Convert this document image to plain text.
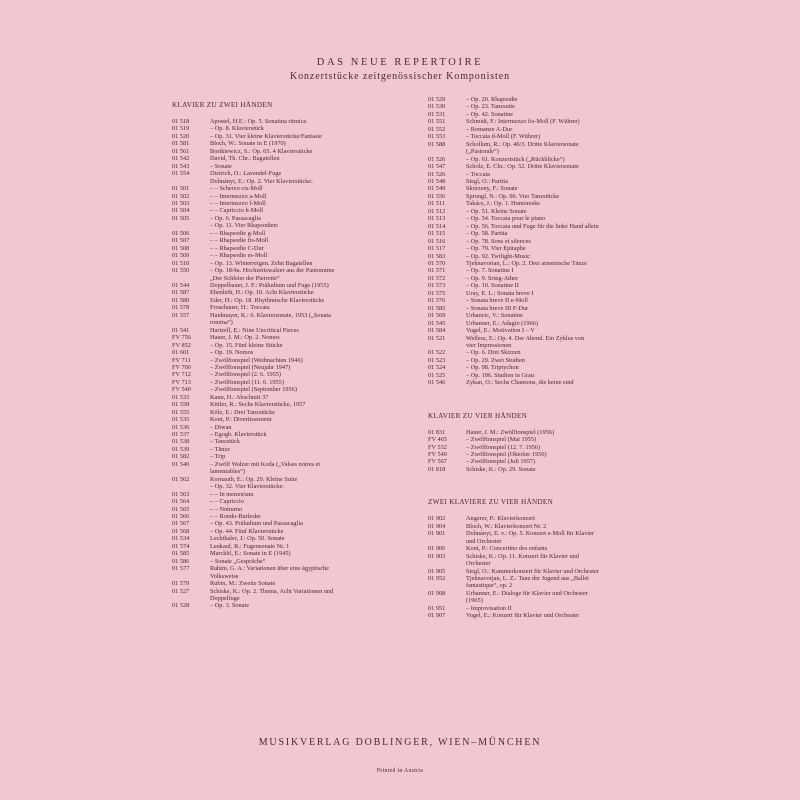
DAS NEUE REPERTOIRE
Konzertstücke zeitgenössischer Komponisten
KLAVIER ZU ZWEI HÄNDEN
01 518	Apostel, H.E.: Op. 5. Sonatina ritmica
01 519	– Op. 8. Klavierstück
01 520	– Op. 31. Vier kleine Klavierstücke/Fantasie
01 581	Bloch, W.: Sonate in E (1970)
01 561	Bortkiewicz, S.: Op. 65. 4 Klavierstücke
01 542	David, Th. Chr.: Bagatellen
01 543	– Sonate
01 554	Dietrich, O.: Lavendel-Fuge
Dohnányi, E.: Op. 2. Vier Klavierstücke:
01 501	– – Scherzo cis-Moll
01 502	– – Intermezzo a-Moll
01 503	– – Intermezzo f-Moll
01 504	– – Capriccio h-Moll
01 505	– Op. 6. Passacaglia
– Op. 11. Vier Rhapsodien:
01 506	– – Rhapsodie g-Moll
01 507	– – Rhapsodie fis-Moll
01 508	– – Rhapsodie C-Dur
01 509	– – Rhapsodie es-Moll
01 510	– Op. 13. Winterreigen. Zehn Bagatellen
01 550	– Op. 18/4a. Hochzeitswalzer aus der Pantomime
„Der Schleier der Pierrette“
01 544	Doppelbauer, J. F.: Präludium und Fuge (1955)
01 587	Ebenhöh, H.: Op. 10. Acht Klavierstücke
01 580	Eder, H.: Op. 18. Rhythmische Klavierstücke
01 578	Froschauer, H.: Toccata
01 557	Haidmayer, K.: 6. Klaviersonate, 1953 („Sonata
romina“)
01 541	Hartzell, E.: Nine Uncritical Pieces
FV 756	Hauer, J. M.: Op. 2. Nomos
FV 852	– Op. 15. Fünf kleine Stücke
01 601	– Op. 19. Nomos
FV 711	– Zwölftonspiel (Weihnachten 1946)
FV 700	– Zwölftonspiel (Neujahr 1947)
FV 712	– Zwölftonspiel (2. 6. 1955)
FV 713	– Zwölftonspiel (11. 6. 1955)
FV 540	– Zwölftonspiel (September 1956)
01 533	Kann, H.: Abschnitt 37
01 558	Kittler, R.: Sechs Klavierstücke, 1957
01 555	Kölz, E.: Drei Tanzstücke
01 535	Kont, P.: Divertissement
01 536	– Diwan
01 537	– Egogh. Klavierstück
01 538	– Tanzstück
01 539	– Tänze
01 582	– Trip
01 540	– Zwölf Walzer mit Koda („Valses noires et
lamentables“)
01 562	Kornauth, E.: Op. 29. Kleine Suite
– Op. 32. Vier Klavierstücke:
01 563	– – In memoriam
01 564	– – Capriccio
01 565	– – Notturno
01 566	– – Rondo-Burleske
01 567	– Op. 43. Präludium und Passacaglia
01 568	– Op. 44. Fünf Klavierstücke
01 534	Lechthaler, J.: Op. 50. Sonate
01 574	Leukauf, R.: Fugensonate Nr. 1
01 585	Marckhl, E.: Sonate in E (1945)
01 586	– Sonate „Gespräche“
01 577	Rahim, G. A.: Variationen über eine ägyptische
Volksweise
01 579	Rubin, M.: Zweite Sonate
01 527	Schiske, K.: Op. 2. Thema, Acht Variationen und
Doppelfuge
01 528	– Op. 3. Sonate
01 529	– Op. 20. Rhapsodie
01 530	– Op. 23. Tanzsuite
01 531	– Op. 42. Sonatine
01 551	Schmidt, F.: Intermezzo fis-Moll (F. Wührer)
01 552	– Romanze A-Dur
01 553	– Toccata d-Moll (F. Wührer)
01 588	Schollum, R.: Op. 46/3. Dritte Klaviersonate
(„Pastorale“)
01 526	– Op. 61. Konzertstück („Rückblicke“)
01 547	Scholz, E. Chr.: Op. 52. Dritte Klaviersonate
01 526	– Toccata
01 548	Siegl, O.: Partita
01 549	Skorzeny, F.: Sonate
01 556	Sprongl, N.: Op. 96. Vier Tanzstücke
01 511	Takács, J.: Op. 1. Humoreske
01 512	– Op. 51. Kleine Sonate
01 513	– Op. 54. Toccata pour le piano
01 514	– Op. 56. Toccata und Fuge für die linke Hand allein
01 515	– Op. 58. Partita
01 516	– Op. 78. Sons et silences
01 517	– Op. 79. Vier Epitaphe
01 583	– Op. 92. Twilight-Music
01 570	Tjeknavorian, L.: Op. 2. Drei armenische Tänze
01 571	– Op. 7. Sonatine I
01 572	– Op. 9. Sring-Athre
01 573	– Op. 10. Sonatine II
01 575	Uray, E. L.: Sonata breve I
01 576	– Sonata breve II e-Moll
01 585	– Sonata breve III F-Dur
01 569	Urbancic, V.: Sonatine
01 545	Urbanner, E.: Adagio (1966)
01 584	Vogel, E.: Motivation I – V
01 521	Wellesz, E.: Op. 4. Der Abend. Ein Zyklus von
vier Impressionen
01 522	– Op. 6. Drei Skizzen
01 523	– Op. 29. Zwei Studien
01 524	– Op. 98. Triptychon
01 525	– Op. 106. Studien in Grau
01 546	Zykan, O.: Sechs Chansons, die keine sind
KLAVIER ZU VIER HÄNDEN
01 831	Hauer, J. M.: Zwölftonspiel (1956)
FV 465	– Zwölftonspiel (Mai 1955)
FV 532	– Zwölftonspiel (12. 7. 1956)
FV 549	– Zwölftonspiel (Oktober 1956)
FV 567	– Zwölftonspiel (Juli 1957)
01 818	Schiske, K.: Op. 29. Sonate
ZWEI KLAVIERE ZU VIER HÄNDEN
01 902	Angerer, P.: Klavierkonzert
01 904	Bloch, W.: Klavierkonzert Nr. 2
01 901	Dohnányi, E. v.: Op. 5. Konzert e-Moll für Klavier
und Orchester
01 906	Kont, P.: Concertino des enfants
01 903	Schiske, K.: Op. 11. Konzert für Klavier und
Orchester
01 905	Siegl, O.: Kammerkonzert für Klavier und Orchester
01 952	Tjeknavorjan, L. Z.: Tanz der Jugend aus „Ballet
fantastique“, op. 2
01 908	Urbanner, E.: Dialoge für Klavier und Orchester
(1965)
01 951	– Improvisation II
01 907	Vogel, E.: Konzert für Klavier und Orchester
MUSIKVERLAG DOBLINGER, WIEN–MÜNCHEN
Printed in Austria
